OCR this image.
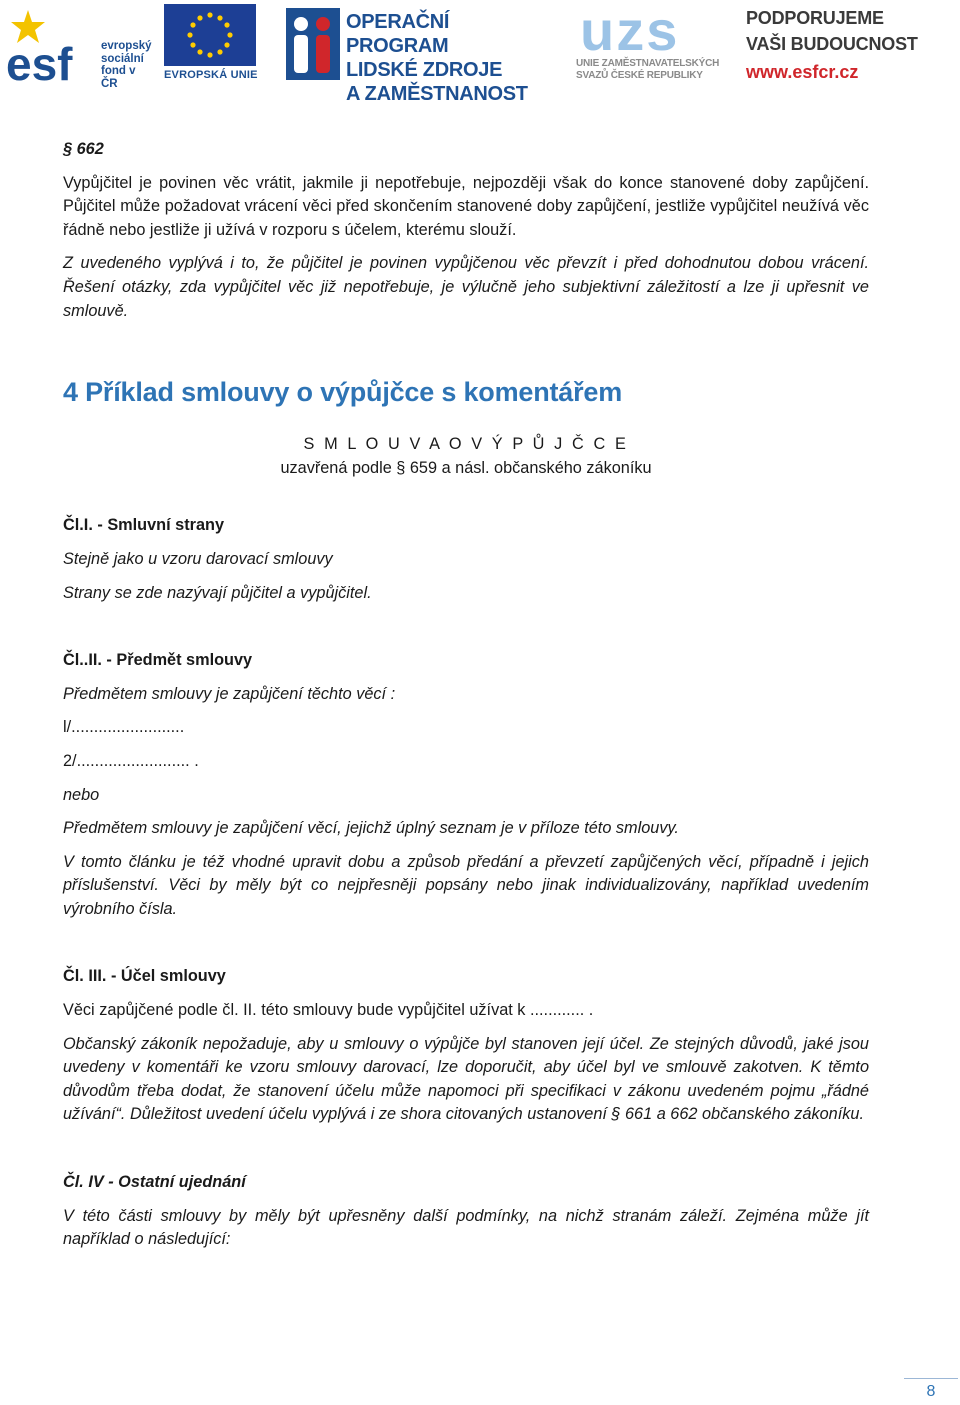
esf evropský
sociální
fond v ČR
EVROPSKÁ UNIE
OPERAČNÍ PROGRAM
LIDSKÉ ZDROJE
A ZAMĚSTNANOST
uzs
UNIE ZAMĚSTNAVATELSKÝCH
SVAZŮ ČESKÉ REPUBLIKY
PODPORUJEME
VAŠI BUDOUCNOST
www.esfcr.cz

§ 662

Vypůjčitel je povinen věc vrátit, jakmile ji nepotřebuje, nejpozději však do konce stanovené doby zapůjčení. Půjčitel může požadovat vrácení věci před skončením stanovené doby zapůjčení, jestliže vypůjčitel neužívá věc řádně nebo jestliže ji užívá v rozporu s účelem, kterému slouží.

Z uvedeného vyplývá i to, že půjčitel je povinen vypůjčenou věc převzít i před dohodnutou dobou vrácení. Řešení otázky, zda vypůjčitel věc již nepotřebuje, je výlučně jeho subjektivní záležitostí a lze ji upřesnit ve smlouvě.

4 Příklad smlouvy o výpůjčce s komentářem

S M L O U V A O V Ý P Ů J Č C E

uzavřená podle § 659 a násl. občanského zákoníku

Čl.I. - Smluvní strany

Stejně jako u vzoru darovací smlouvy

Strany se zde nazývají půjčitel a vypůjčitel.

Čl..II. - Předmět smlouvy

Předmětem smlouvy je zapůjčení těchto věcí :

l/.........................

2/......................... .

nebo

Předmětem smlouvy je zapůjčení věcí, jejichž úplný seznam je v příloze této smlouvy.

V tomto článku je též vhodné upravit dobu a způsob předání a převzetí zapůjčených věcí, případně i jejich příslušenství. Věci by měly být co nejpřesněji popsány nebo jinak individualizovány, například uvedením výrobního čísla.

Čl. III. - Účel smlouvy

Věci zapůjčené podle čl. II. této smlouvy bude vypůjčitel užívat k ............ .

Občanský zákoník nepožaduje, aby u smlouvy o výpůjče byl stanoven její účel. Ze stejných důvodů, jaké jsou uvedeny v komentáři ke vzoru smlouvy darovací, lze doporučit, aby účel byl ve smlouvě zakotven. K těmto důvodům třeba dodat, že stanovení účelu může napomoci při specifikaci v zákonu uvedeném pojmu „řádné užívání“. Důležitost uvedení účelu vyplývá i ze shora citovaných ustanovení § 661 a 662 občanského zákoníku.

Čl. IV - Ostatní ujednání

V této části smlouvy by měly být upřesněny další podmínky, na nichž stranám záleží. Zejména může jít například o následující:

8
